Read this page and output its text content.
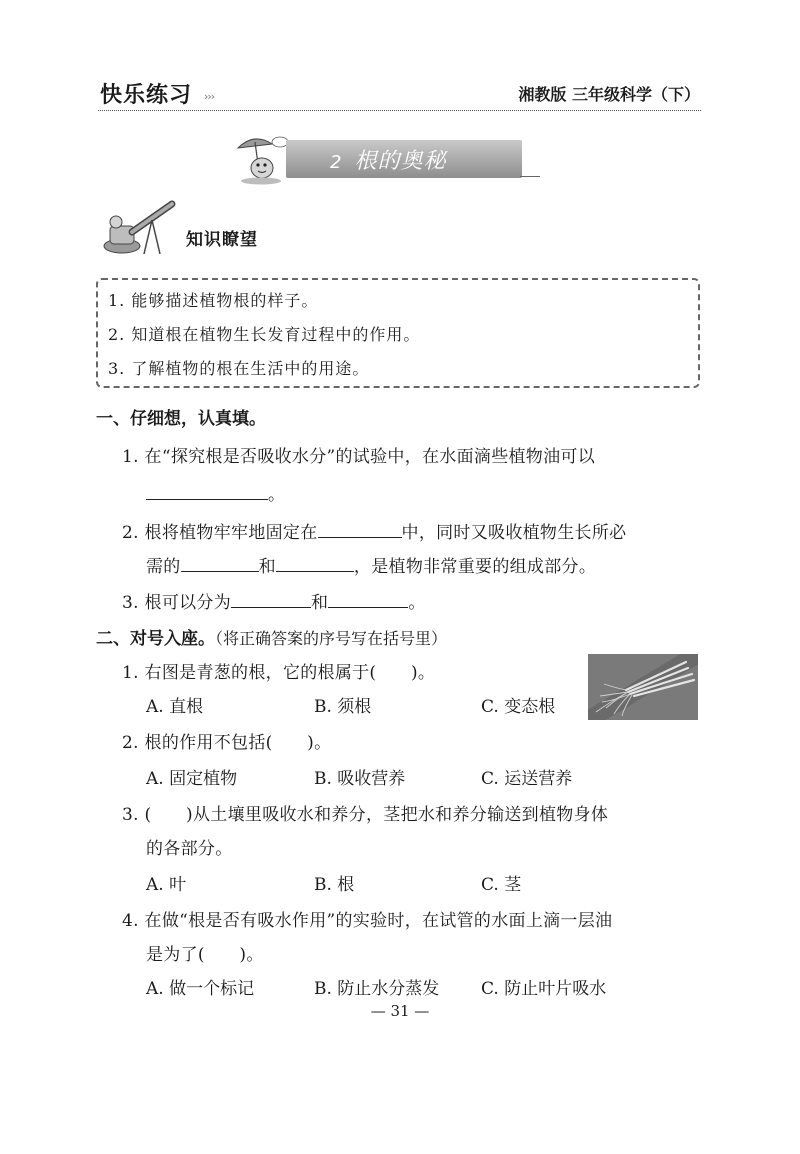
快乐练习 ›››	湘教版 三年级科学（下）
2 根的奥秘
知识瞭望
1. 能够描述植物根的样子。
2. 知道根在植物生长发育过程中的作用。
3. 了解植物的根在生活中的用途。
一、仔细想，认真填。
1. 在“探究根是否吸收水分”的试验中，在水面滴些植物油可以
。
2. 根将植物牢牢地固定在	中，同时又吸收植物生长所必
需的	和	，是植物非常重要的组成部分。
3. 根可以分为	和	。
二、对号入座。（将正确答案的序号写在括号里）
1. 右图是青葱的根，它的根属于(　　)。
A. 直根	B. 须根	C. 变态根
2. 根的作用不包括(　　)。
A. 固定植物	B. 吸收营养	C. 运送营养
3. (　　)从土壤里吸收水和养分，茎把水和养分输送到植物身体
的各部分。
A. 叶	B. 根	C. 茎
4. 在做“根是否有吸水作用”的实验时，在试管的水面上滴一层油
是为了(　　)。
A. 做一个标记	B. 防止水分蒸发 C. 防止叶片吸水
— 31 —
